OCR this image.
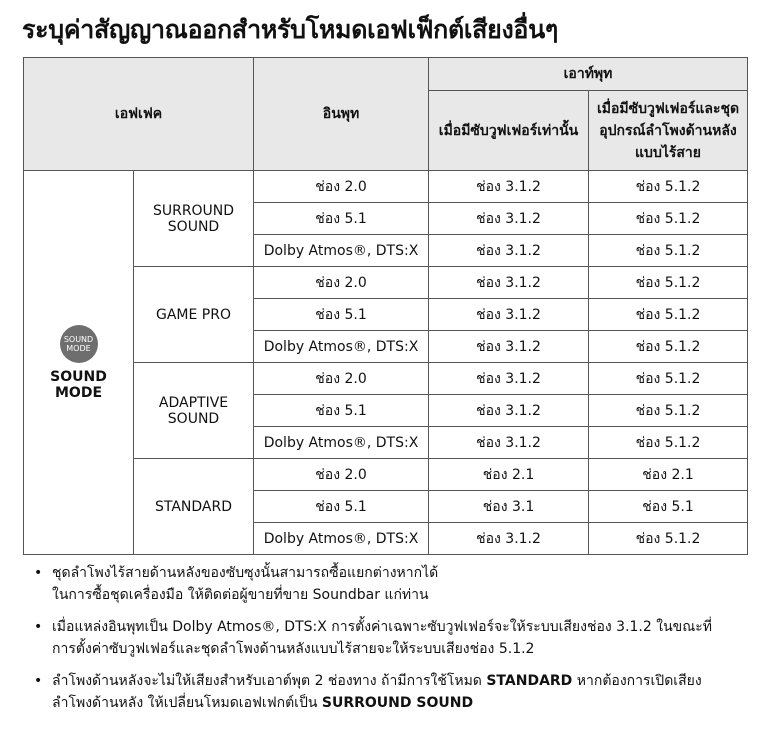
ระบุค่าสัญญาณออกสำหรับโหมดเอฟเฟ็กต์เสียงอื่นๆ
เอฟเฟค		อินพุท	เอาท์พุท	
			เมื่อมีซับวูฟเฟอร์เท่านั้น	เมื่อมีซับวูฟเฟอร์และชุดอุปกรณ์ลำโพงด้านหลังแบบไร้สาย

SOUND
MODE
SOUND MODE	SURROUND SOUND	ช่อง 2.0	ช่อง 3.1.2	ช่อง 5.1.2
		ช่อง 5.1	ช่อง 3.1.2	ช่อง 5.1.2
		Dolby Atmos®, DTS:X	ช่อง 3.1.2	ช่อง 5.1.2
	GAME PRO	ช่อง 2.0	ช่อง 3.1.2	ช่อง 5.1.2
		ช่อง 5.1	ช่อง 3.1.2	ช่อง 5.1.2
		Dolby Atmos®, DTS:X	ช่อง 3.1.2	ช่อง 5.1.2
	ADAPTIVE SOUND	ช่อง 2.0	ช่อง 3.1.2	ช่อง 5.1.2
		ช่อง 5.1	ช่อง 3.1.2	ช่อง 5.1.2
		Dolby Atmos®, DTS:X	ช่อง 3.1.2	ช่อง 5.1.2
	STANDARD	ช่อง 2.0	ช่อง 2.1	ช่อง 2.1
		ช่อง 5.1	ช่อง 3.1	ช่อง 5.1
		Dolby Atmos®, DTS:X	ช่อง 3.1.2	ช่อง 5.1.2
• ชุดลำโพงไร้สายด้านหลังของซับซุงนั้นสามารถซื้อแยกต่างหากได้
ในการซื้อชุดเครื่องมือ ให้ติดต่อผู้ขายที่ขาย Soundbar แก่ท่าน
• เมื่อแหล่งอินพุทเป็น Dolby Atmos®, DTS:X การตั้งค่าเฉพาะซับวูฟเฟอร์จะให้ระบบเสียงช่อง 3.1.2 ในขณะที่
การตั้งค่าซับวูฟเฟอร์และชุดลำโพงด้านหลังแบบไร้สายจะให้ระบบเสียงช่อง 5.1.2
• ลำโพงด้านหลังจะไม่ให้เสียงสำหรับเอาต์พุต 2 ช่องทาง ถ้ามีการใช้โหมด STANDARD หากต้องการเปิดเสียง
ลำโพงด้านหลัง ให้เปลี่ยนโหมดเอฟเฟกต์เป็น SURROUND SOUND
